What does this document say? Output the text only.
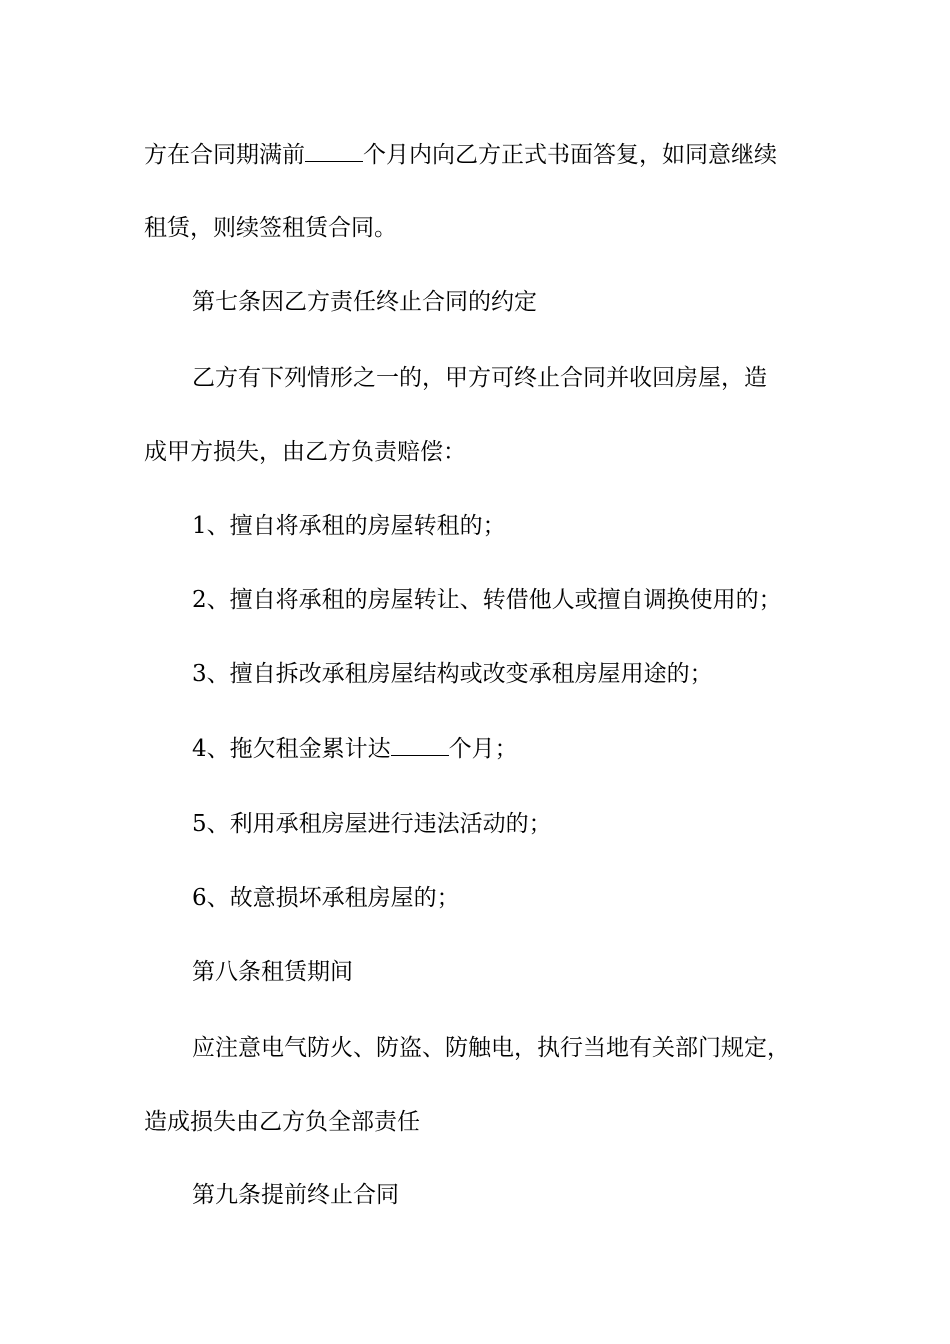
方在合同期满前	个月内向乙方正式书面答复，如同意继续
租赁，则续签租赁合同。
第七条因乙方责任终止合同的约定
乙方有下列情形之一的，甲方可终止合同并收回房屋，造
成甲方损失，由乙方负责赔偿：
1、擅自将承租的房屋转租的；
2、擅自将承租的房屋转让、转借他人或擅自调换使用的；
3、擅自拆改承租房屋结构或改变承租房屋用途的；
4、拖欠租金累计达	个月；
5、利用承租房屋进行违法活动的；
6、故意损坏承租房屋的；
第八条租赁期间
应注意电气防火、防盗、防触电，执行当地有关部门规定，
造成损失由乙方负全部责任
第九条提前终止合同
